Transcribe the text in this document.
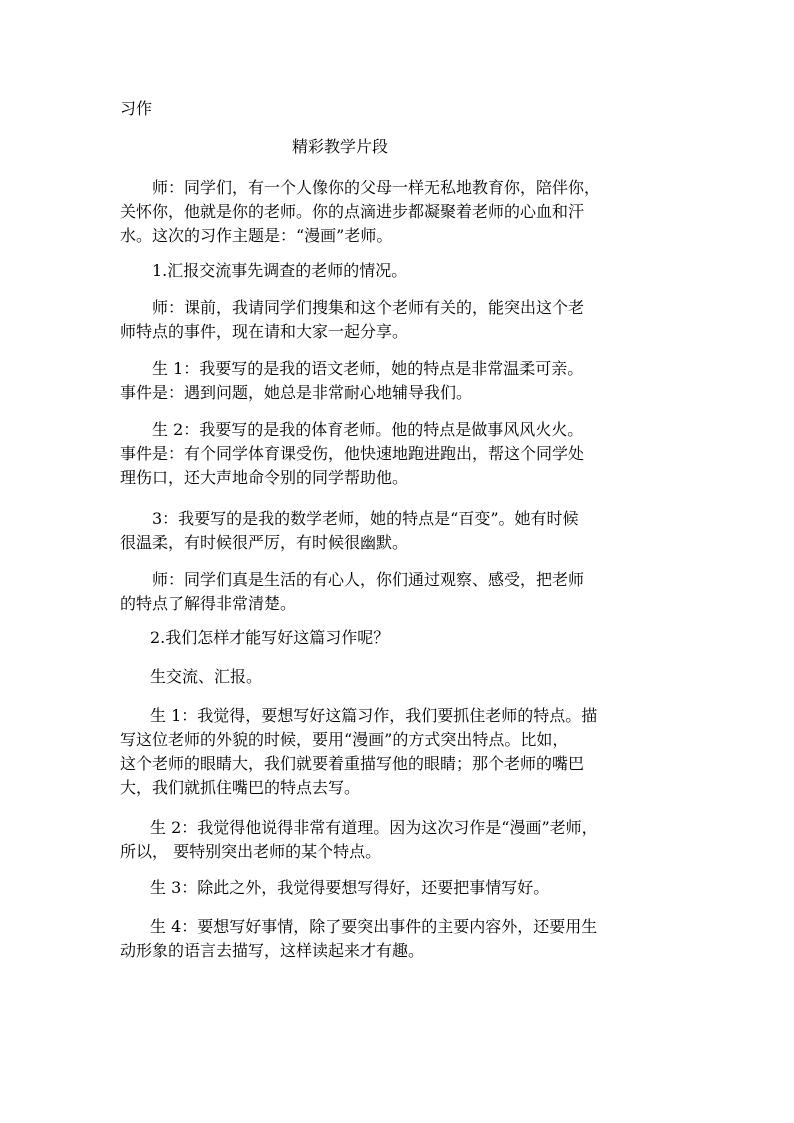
习作
精彩教学片段
师：同学们，有一个人像你的父母一样无私地教育你，陪伴你，
关怀你，他就是你的老师。你的点滴进步都凝聚着老师的心血和汗
水。这次的习作主题是：“漫画”老师。
1.汇报交流事先调查的老师的情况。
师：课前，我请同学们搜集和这个老师有关的，能突出这个老
师特点的事件，现在请和大家一起分享。
生 1：我要写的是我的语文老师，她的特点是非常温柔可亲。
事件是：遇到问题，她总是非常耐心地辅导我们。
生 2：我要写的是我的体育老师。他的特点是做事风风火火。
事件是：有个同学体育课受伤，他快速地跑进跑出，帮这个同学处
理伤口，还大声地命令别的同学帮助他。
3：我要写的是我的数学老师，她的特点是“百变”。她有时候
很温柔，有时候很严厉，有时候很幽默。
师：同学们真是生活的有心人，你们通过观察、感受，把老师
的特点了解得非常清楚。
2.我们怎样才能写好这篇习作呢？
生交流、汇报。
生 1：我觉得，要想写好这篇习作，我们要抓住老师的特点。描
写这位老师的外貌的时候，要用“漫画”的方式突出特点。比如，
这个老师的眼睛大，我们就要着重描写他的眼睛；那个老师的嘴巴
大，我们就抓住嘴巴的特点去写。
生 2：我觉得他说得非常有道理。因为这次习作是“漫画”老师，
所以， 要特别突出老师的某个特点。
生 3：除此之外，我觉得要想写得好，还要把事情写好。
生 4：要想写好事情，除了要突出事件的主要内容外，还要用生
动形象的语言去描写，这样读起来才有趣。
